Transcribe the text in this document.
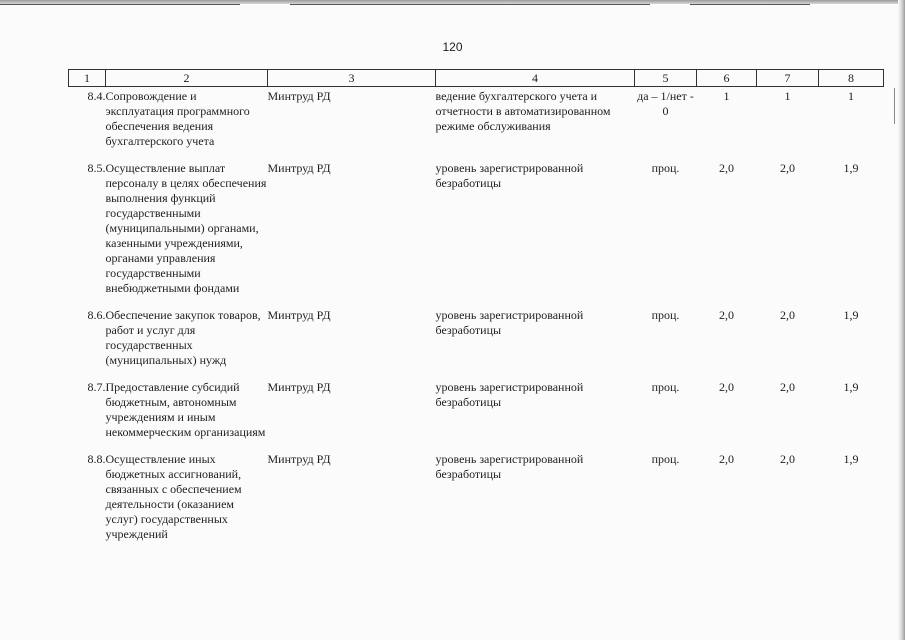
120
1	2	3	4	5	6	7	8
8.4.	Сопровождение и эксплуатация программного обеспечения ведения бухгалтерского учета	Минтруд РД	ведение бухгалтерского учета и отчетности в автоматизированном режиме обслуживания	да – 1/нет - 0	1	1	1
8.5.	Осуществление выплат персоналу в целях обеспечения выполнения функций государственными (муниципальными) органами, казенными учреждениями, органами управления государственными внебюджетными фондами	Минтруд РД	уровень зарегистрированной безработицы	проц.	2,0	2,0	1,9
8.6.	Обеспечение закупок товаров, работ и услуг для государственных (муниципальных) нужд	Минтруд РД	уровень зарегистрированной безработицы	проц.	2,0	2,0	1,9
8.7.	Предоставление субсидий бюджетным, автономным учреждениям и иным некоммерческим организациям	Минтруд РД	уровень зарегистрированной безработицы	проц.	2,0	2,0	1,9
8.8.	Осуществление иных бюджетных ассигнований, связанных с обеспечением деятельности (оказанием услуг) государственных учреждений	Минтруд РД	уровень зарегистрированной безработицы	проц.	2,0	2,0	1,9
